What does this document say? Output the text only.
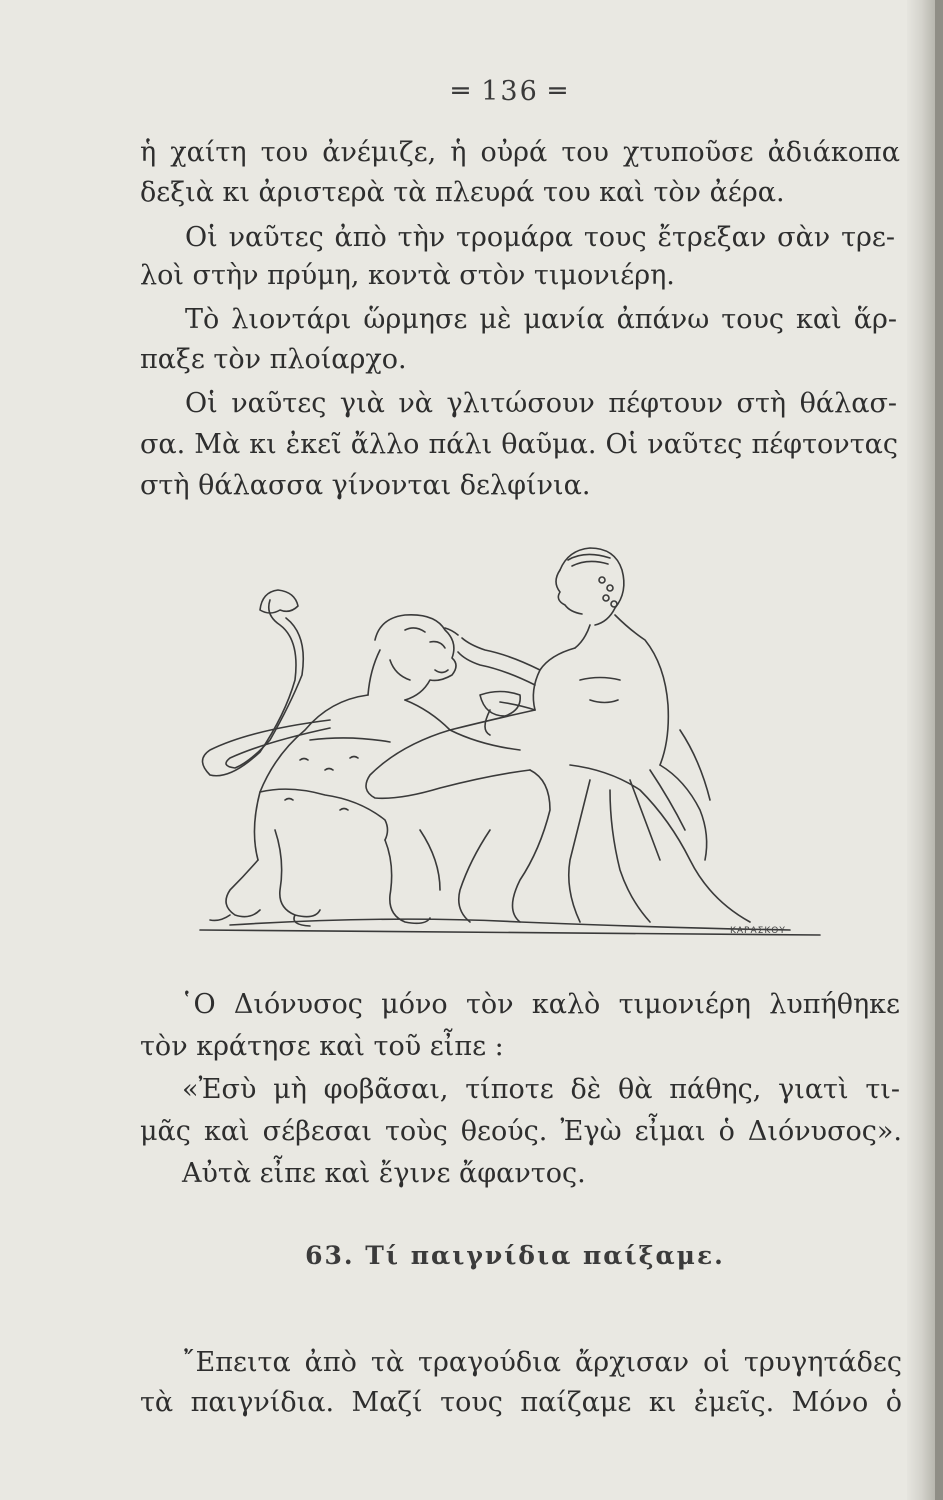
═ 136 ═
ἡ χαίτη του ἀνέμιζε, ἡ οὐρά του χτυποῦσε ἀδιάκοπα
δεξιὰ κι ἀριστερὰ τὰ πλευρά του καὶ τὸν ἀέρα.
Οἱ ναῦτες ἀπὸ τὴν τρομάρα τους ἔτρεξαν σὰν τρε-
λοὶ στὴν πρύμη, κοντὰ στὸν τιμονιέρη.
Τὸ λιοντάρι ὥρμησε μὲ μανία ἀπάνω τους καὶ ἅρ-
παξε τὸν πλοίαρχο.
Οἱ ναῦτες γιὰ νὰ γλιτώσουν πέφτουν στὴ θάλασ-
σα. Μὰ κι ἐκεῖ ἄλλο πάλι θαῦμα. Οἱ ναῦτες πέφτοντας
στὴ θάλασσα γίνονται δελφίνια.
ΚΑΡΑΣΚΟΥ
῾Ο Διόνυσος μόνο τὸν καλὸ τιμονιέρη λυπήθηκε
τὸν κράτησε καὶ τοῦ εἶπε :
«Ἐσὺ μὴ φοβᾶσαι, τίποτε δὲ θὰ πάθης, γιατὶ τι-
μᾶς καὶ σέβεσαι τοὺς θεούς. Ἐγὼ εἶμαι ὁ Διόνυσος».
Αὐτὰ εἶπε καὶ ἔγινε ἄφαντος.
63. Τί παιγνίδια παίξαμε.
῎Επειτα ἀπὸ τὰ τραγούδια ἄρχισαν οἱ τρυγητάδες
τὰ παιγνίδια. Μαζί τους παίζαμε κι ἐμεῖς. Μόνο ὁ
